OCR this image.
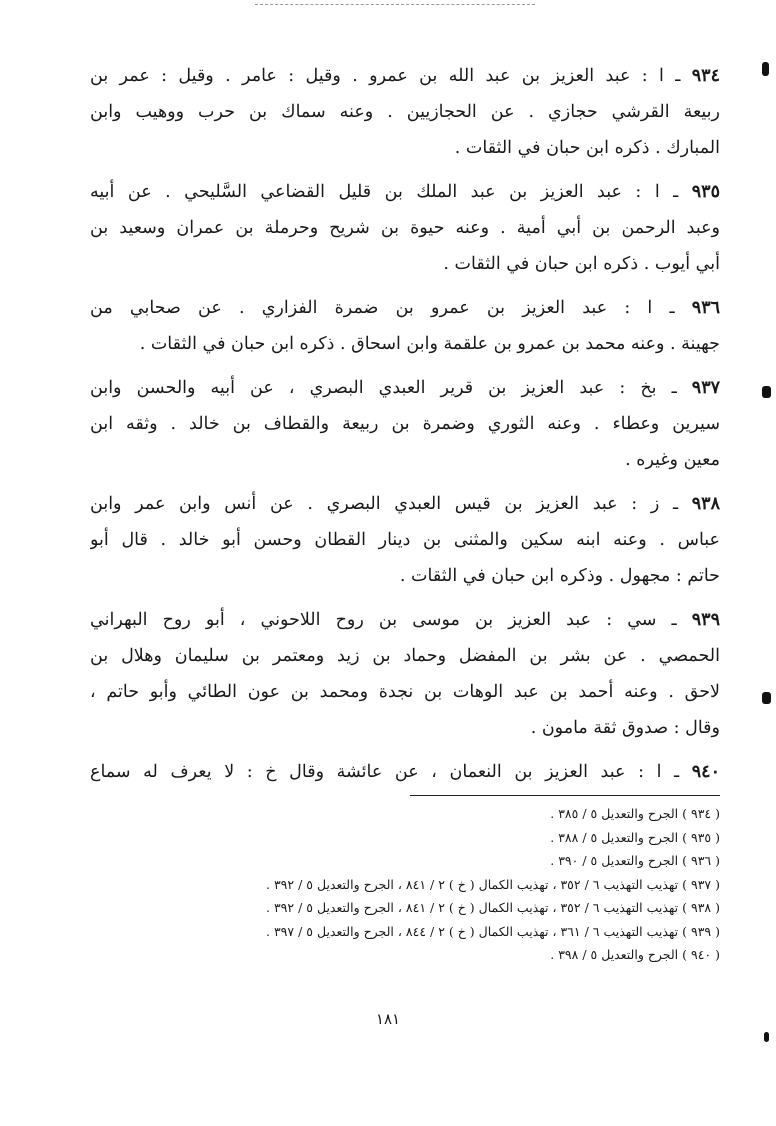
٩٣٤ ـ ا : عبد العزيز بن عبد الله بن عمرو . وقيل : عامر . وقيل : عمر بن
ربيعة القرشي حجازي . عن الحجازيين . وعنه سماك بن حرب ووهيب وابن
المبارك . ذكره ابن حبان في الثقات .
٩٣٥ ـ ا : عبد العزيز بن عبد الملك بن قليل القضاعي السَّليحي . عن أبيه
وعبد الرحمن بن أبي أمية . وعنه حيوة بن شريح وحرملة بن عمران وسعيد بن
أبي أيوب . ذكره ابن حبان في الثقات .
٩٣٦ ـ ا : عبد العزيز بن عمرو بن ضمرة الفزاري . عن صحابي من
جهينة . وعنه محمد بن عمرو بن علقمة وابن اسحاق . ذكره ابن حبان في الثقات .
٩٣٧ ـ بخ : عبد العزيز بن قرير العبدي البصري ، عن أبيه والحسن وابن
سيرين وعطاء . وعنه الثوري وضمرة بن ربيعة والقطاف بن خالد . وثقه ابن
معين وغيره .
٩٣٨ ـ ز : عبد العزيز بن قيس العبدي البصري . عن أنس وابن عمر وابن
عباس . وعنه ابنه سكين والمثنى بن دينار القطان وحسن أبو خالد . قال أبو
حاتم : مجهول . وذكره ابن حبان في الثقات .
٩٣٩ ـ سي : عبد العزيز بن موسى بن روح اللاحوني ، أبو روح البهراني
الحمصي . عن بشر بن المفضل وحماد بن زيد ومعتمر بن سليمان وهلال بن
لاحق . وعنه أحمد بن عبد الوهات بن نجدة ومحمد بن عون الطائي وأبو حاتم ،
وقال : صدوق ثقة مامون .
٩٤٠ ـ ا : عبد العزيز بن النعمان ، عن عائشة وقال خ : لا يعرف له سماع
( ٩٣٤ ) الجرح والتعديل ٥ / ٣٨٥ .
( ٩٣٥ ) الجرح والتعديل ٥ / ٣٨٨ .
( ٩٣٦ ) الجرح والتعديل ٥ / ٣٩٠ .
( ٩٣٧ ) تهذيب التهذيب ٦ / ٣٥٢ ، تهذيب الكمال ( خ ) ٢ / ٨٤١ ، الجرح والتعديل ٥ / ٣٩٢ .
( ٩٣٨ ) تهذيب التهذيب ٦ / ٣٥٢ ، تهذيب الكمال ( خ ) ٢ / ٨٤١ ، الجرح والتعديل ٥ / ٣٩٢ .
( ٩٣٩ ) تهذيب التهذيب ٦ / ٣٦١ ، تهذيب الكمال ( خ ) ٢ / ٨٤٤ ، الجرح والتعديل ٥ / ٣٩٧ .
( ٩٤٠ ) الجرح والتعديل ٥ / ٣٩٨ .
١٨١
